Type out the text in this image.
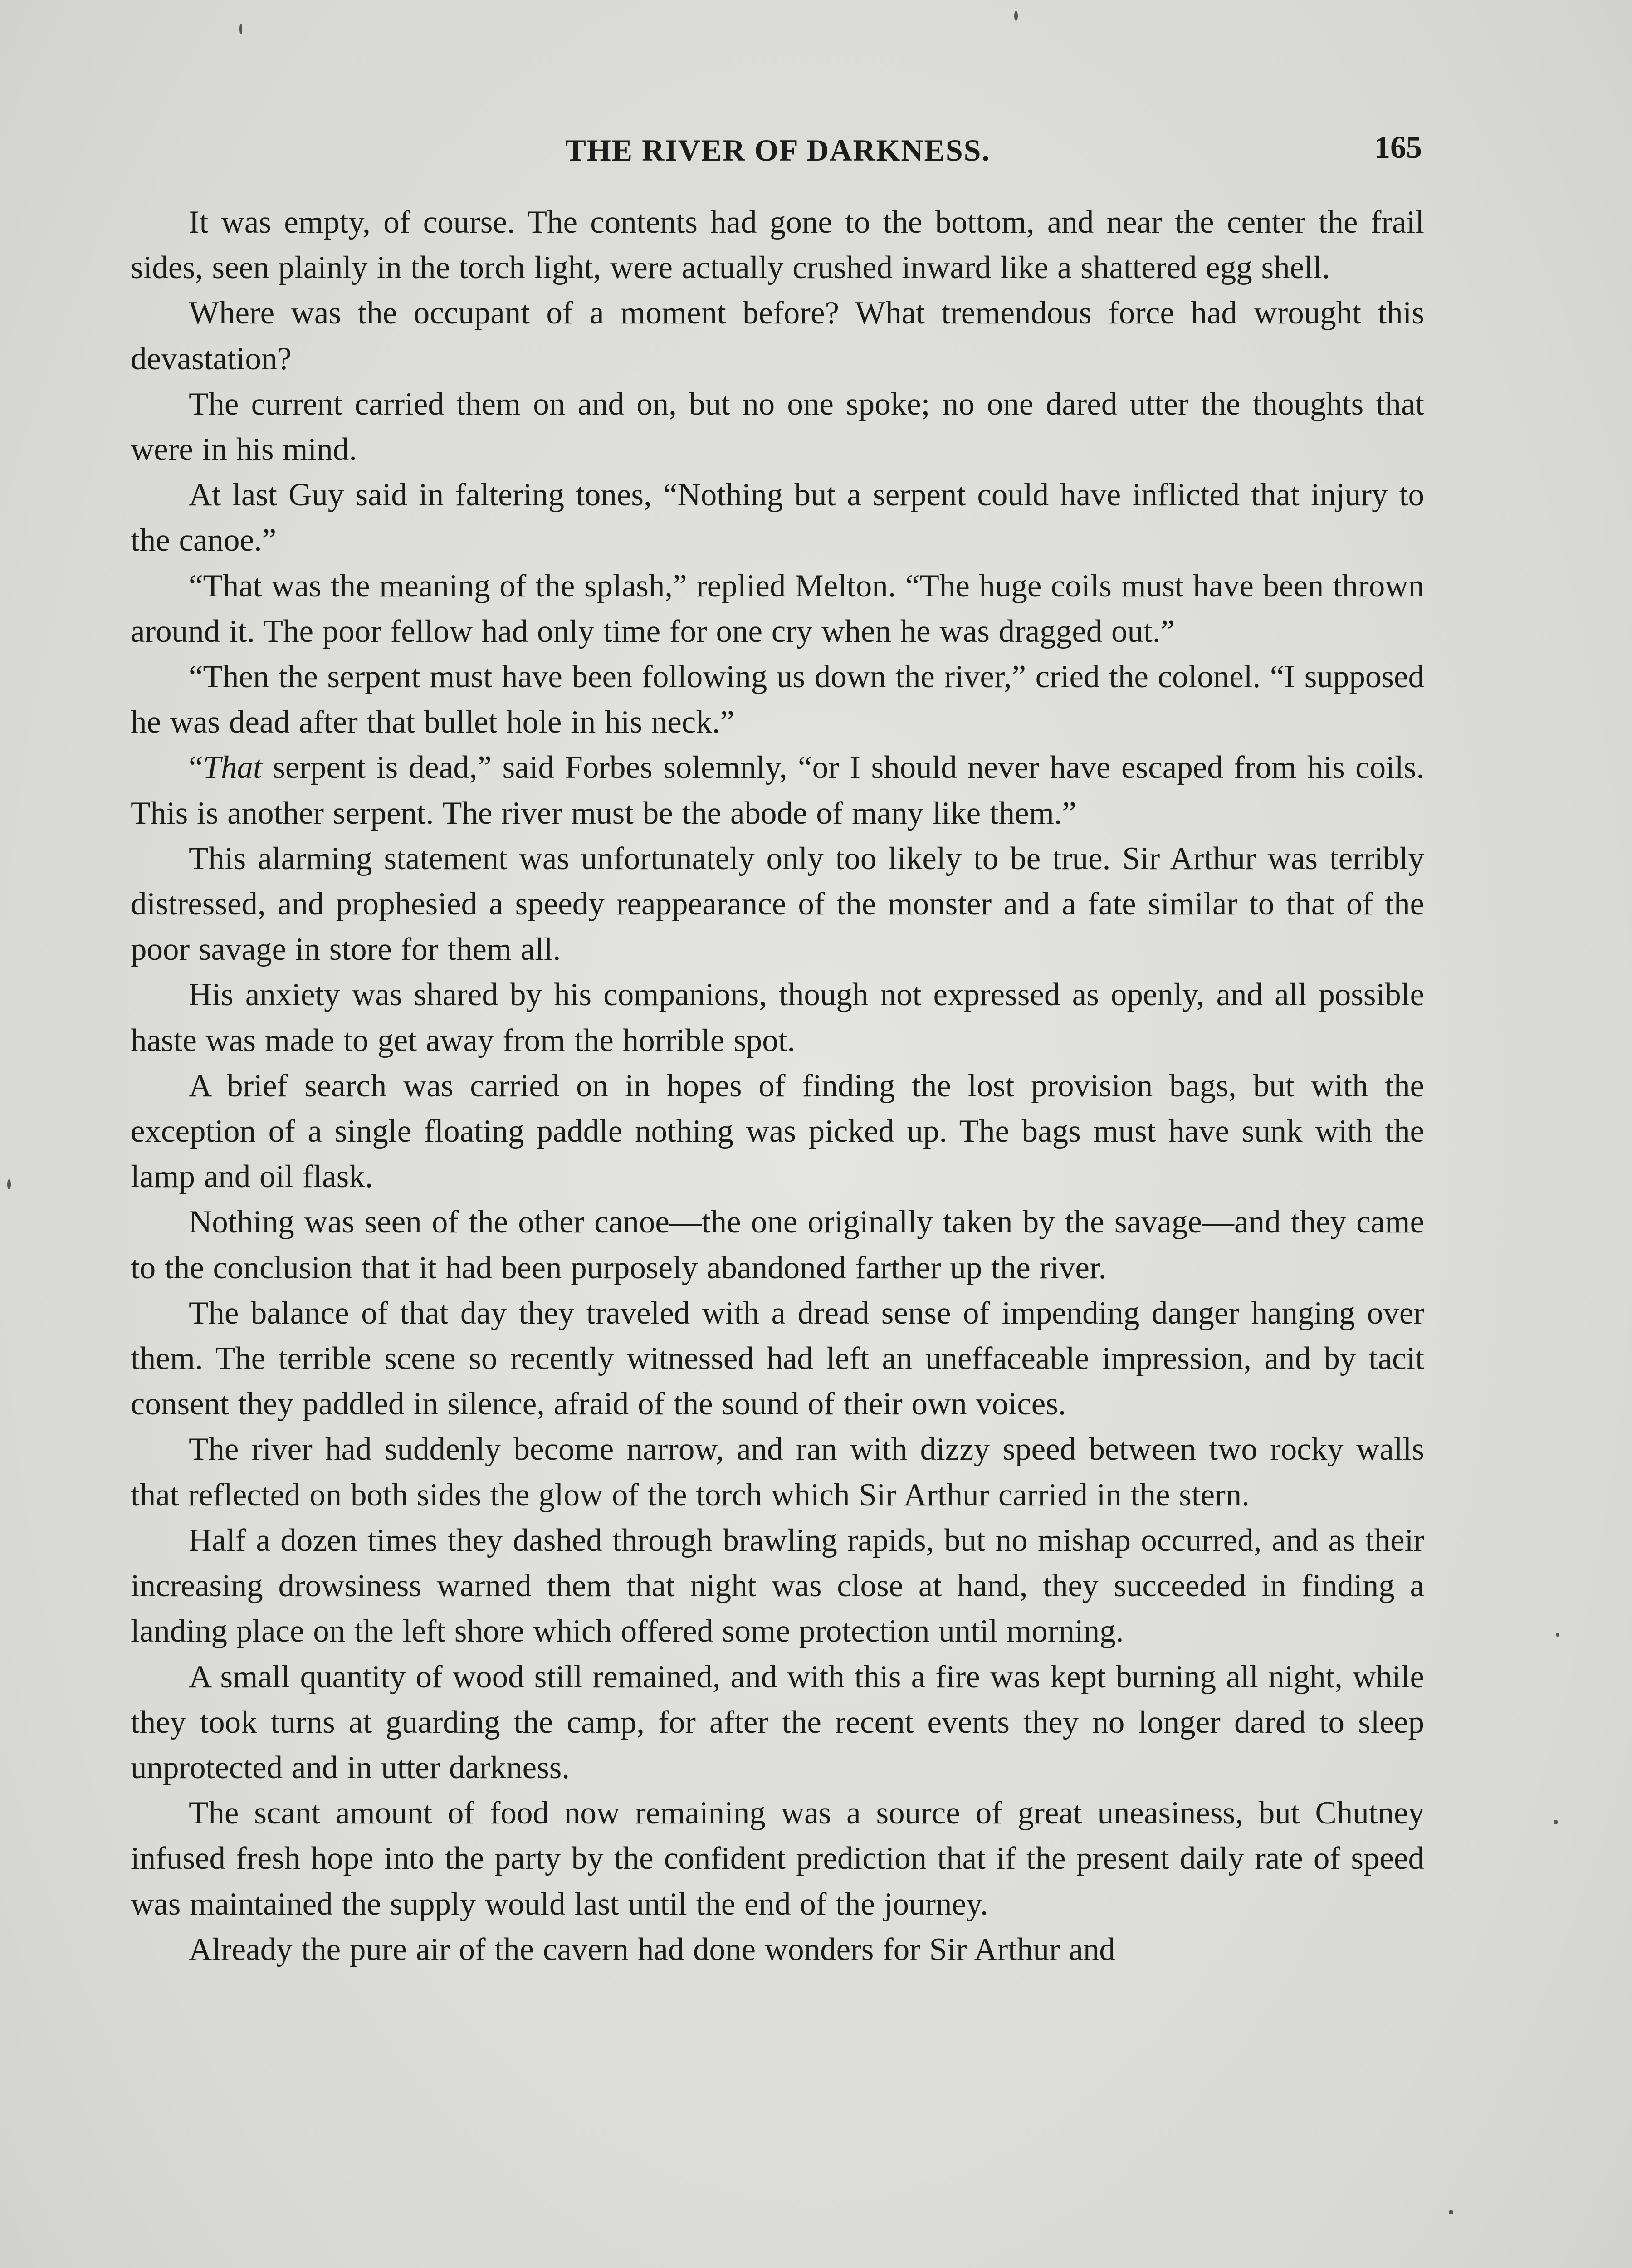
THE RIVER OF DARKNESS.	165

It was empty, of course. The contents had gone to the bottom, and near the center the frail sides, seen plainly in the torch light, were actually crushed inward like a shattered egg shell.

Where was the occupant of a moment before? What tremendous force had wrought this devastation?

The current carried them on and on, but no one spoke; no one dared utter the thoughts that were in his mind.

At last Guy said in faltering tones, “Nothing but a serpent could have inflicted that injury to the canoe.”

“That was the meaning of the splash,” replied Melton. “The huge coils must have been thrown around it. The poor fellow had only time for one cry when he was dragged out.”

“Then the serpent must have been following us down the river,” cried the colonel. “I supposed he was dead after that bullet hole in his neck.”

“That serpent is dead,” said Forbes solemnly, “or I should never have escaped from his coils. This is another serpent. The river must be the abode of many like them.”

This alarming statement was unfortunately only too likely to be true. Sir Arthur was terribly distressed, and prophesied a speedy reappearance of the monster and a fate similar to that of the poor savage in store for them all.

His anxiety was shared by his companions, though not expressed as openly, and all possible haste was made to get away from the horrible spot.

A brief search was carried on in hopes of finding the lost provision bags, but with the exception of a single floating paddle nothing was picked up. The bags must have sunk with the lamp and oil flask.

Nothing was seen of the other canoe—the one originally taken by the savage—and they came to the conclusion that it had been purposely abandoned farther up the river.

The balance of that day they traveled with a dread sense of impending danger hanging over them. The terrible scene so recently witnessed had left an uneffaceable impression, and by tacit consent they paddled in silence, afraid of the sound of their own voices.

The river had suddenly become narrow, and ran with dizzy speed between two rocky walls that reflected on both sides the glow of the torch which Sir Arthur carried in the stern.

Half a dozen times they dashed through brawling rapids, but no mishap occurred, and as their increasing drowsiness warned them that night was close at hand, they succeeded in finding a landing place on the left shore which offered some protection until morning.

A small quantity of wood still remained, and with this a fire was kept burning all night, while they took turns at guarding the camp, for after the recent events they no longer dared to sleep unprotected and in utter darkness.

The scant amount of food now remaining was a source of great uneasiness, but Chutney infused fresh hope into the party by the confident prediction that if the present daily rate of speed was maintained the supply would last until the end of the journey.

Already the pure air of the cavern had done wonders for Sir Arthur and
